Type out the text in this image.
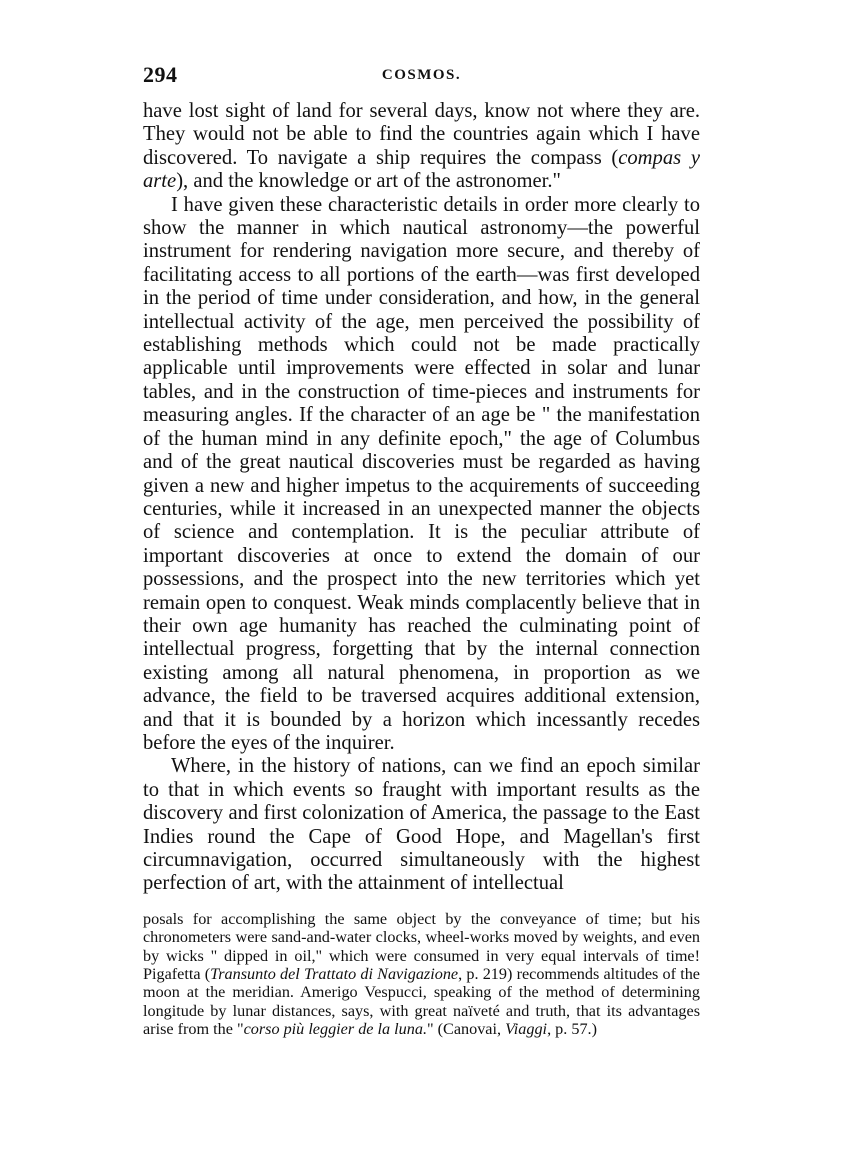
294	COSMOS.

have lost sight of land for several days, know not where they are. They would not be able to find the countries again which I have discovered. To navigate a ship requires the compass (compas y arte), and the knowledge or art of the astronomer."

I have given these characteristic details in order more clearly to show the manner in which nautical astronomy—the powerful instrument for rendering navigation more secure, and thereby of facilitating access to all portions of the earth—was first developed in the period of time under consideration, and how, in the general intellectual activity of the age, men perceived the possibility of establishing methods which could not be made practically applicable until improvements were effected in solar and lunar tables, and in the construction of time-pieces and instruments for measuring angles. If the character of an age be " the manifestation of the human mind in any definite epoch," the age of Columbus and of the great nautical discoveries must be regarded as having given a new and higher impetus to the acquirements of succeeding centuries, while it increased in an unexpected manner the objects of science and contemplation. It is the peculiar attribute of important discoveries at once to extend the domain of our possessions, and the prospect into the new territories which yet remain open to conquest. Weak minds complacently believe that in their own age humanity has reached the culminating point of intellectual progress, forgetting that by the internal connection existing among all natural phenomena, in proportion as we advance, the field to be traversed acquires additional extension, and that it is bounded by a horizon which incessantly recedes before the eyes of the inquirer.

Where, in the history of nations, can we find an epoch similar to that in which events so fraught with important results as the discovery and first colonization of America, the passage to the East Indies round the Cape of Good Hope, and Magellan's first circumnavigation, occurred simultaneously with the highest perfection of art, with the attainment of intellectual

posals for accomplishing the same object by the conveyance of time; but his chronometers were sand-and-water clocks, wheel-works moved by weights, and even by wicks " dipped in oil," which were consumed in very equal intervals of time! Pigafetta (Transunto del Trattato di Navigazione, p. 219) recommends altitudes of the moon at the meridian. Amerigo Vespucci, speaking of the method of determining longitude by lunar distances, says, with great naïveté and truth, that its advantages arise from the "corso più leggier de la luna." (Canovai, Viaggi, p. 57.)
